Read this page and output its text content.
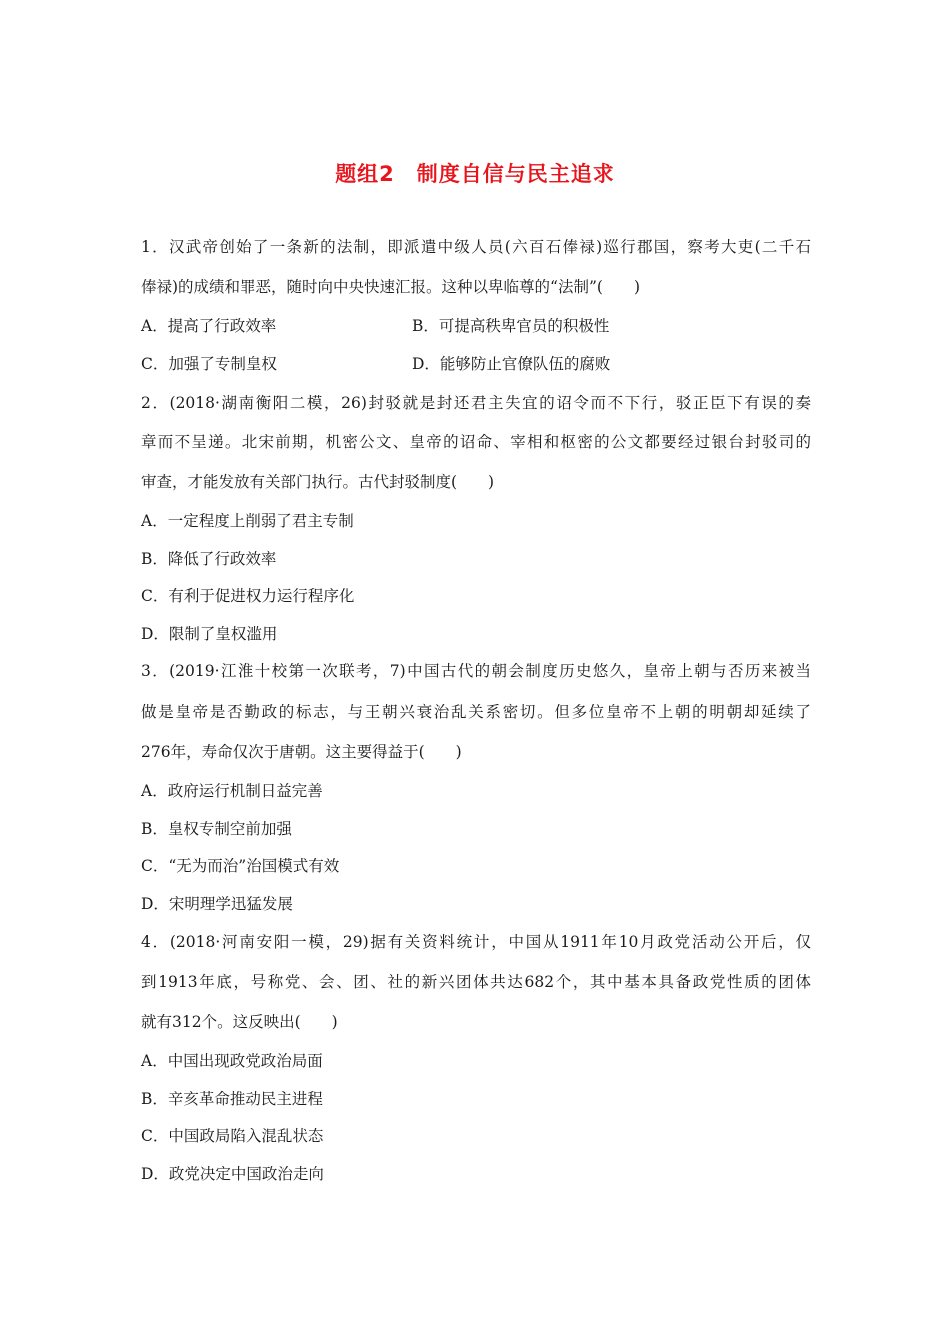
题组2　制度自信与民主追求
1．汉武帝创始了一条新的法制，即派遣中级人员(六百石俸禄)巡行郡国，察考大吏(二千石
俸禄)的成绩和罪恶，随时向中央快速汇报。这种以卑临尊的“法制”(　　)
A．提高了行政效率	B．可提高秩卑官员的积极性
C．加强了专制皇权	D．能够防止官僚队伍的腐败
2．(2018·湖南衡阳二模，26)封驳就是封还君主失宜的诏令而不下行，驳正臣下有误的奏
章而不呈递。北宋前期，机密公文、皇帝的诏命、宰相和枢密的公文都要经过银台封驳司的
审查，才能发放有关部门执行。古代封驳制度(　　)
A．一定程度上削弱了君主专制
B．降低了行政效率
C．有利于促进权力运行程序化
D．限制了皇权滥用
3．(2019·江淮十校第一次联考，7)中国古代的朝会制度历史悠久，皇帝上朝与否历来被当
做是皇帝是否勤政的标志，与王朝兴衰治乱关系密切。但多位皇帝不上朝的明朝却延续了
276年，寿命仅次于唐朝。这主要得益于(　　)
A．政府运行机制日益完善
B．皇权专制空前加强
C．“无为而治”治国模式有效
D．宋明理学迅猛发展
4．(2018·河南安阳一模，29)据有关资料统计，中国从1911年10月政党活动公开后，仅
到1913年底，号称党、会、团、社的新兴团体共达682个，其中基本具备政党性质的团体
就有312个。这反映出(　　)
A．中国出现政党政治局面
B．辛亥革命推动民主进程
C．中国政局陷入混乱状态
D．政党决定中国政治走向
